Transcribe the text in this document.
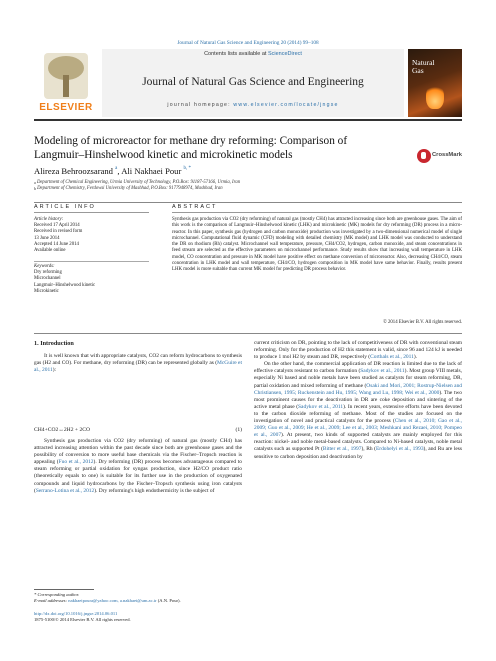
Journal of Natural Gas Science and Engineering 20 (2014) 99–108
ELSEVIER
Contents lists available at ScienceDirect
Journal of Natural Gas Science and Engineering
journal homepage: www.elsevier.com/locate/jngse
Natural
Gas
Modeling of microreactor for methane dry reforming: Comparison of
Langmuir–Hinshelwood kinetic and microkinetic models	CrossMark
Alireza Behroozsarand $^a$, Ali Nakhaei Pour $^{b, *}$
a Department of Chemical Engineering, Urmia University of Technology, P.O.Box: 91187-57166, Urmia, Iran
b Department of Chemistry, Ferdowsi University of Mashhad, P.O.Box: 9177948974, Mashhad, Iran
ARTICLE INFO	ABSTRACT
Article history:
Received 17 April 2014
Received in revised form
13 June 2014
Accepted 14 June 2014
Available online
Keywords:
Dry reforming
Microchannel
Langmuir–Hinshelwood kinetic
Microkinetic
Synthesis gas production via CO2 (dry reforming) of natural gas (mostly CH4) has attracted increasing since both are greenhouse gases. The aim of this work is the comparison of Langmuir–Hinshelwood kinetic (LHK) and microkinetic (MK) models for dry reforming (DR) process in a micro-reactor. In this paper, synthesis gas (hydrogen and carbon monoxide) production was investigated by a two-dimensional numerical model of single microchannel. Computational fluid dynamic (CFD) modeling with detailed chemistry (MK model) and LHK model was conducted to understand the DR on rhodium (Rh) catalyst. Microchannel wall temperature, pressure, CH4/CO2, hydrogen, carbon monoxide, and steam concentrations in feed stream are selected as the effective parameters on microchannel performance. Study results show that increasing wall temperature in LHK model, CO concentration and pressure in MK model have positive effect on methane conversion of microreactor. Also, decreasing CH4/CO, steam concentration in LHK model and wall temperature, CH4/CO, hydrogen composition in MK model have same behavior. Finally, results present LHK model is more suitable than current MK model for predicting DR process behavior.
© 2014 Elsevier B.V. All rights reserved.
1. Introduction

It is well known that with appropriate catalysts, CO2 can reform hydrocarbons to synthesis gas (H2 and CO). For methane, dry reforming (DR) can be represented globally as (McGuire et al., 2011):

CH4+CO2↔2H2 + 2CO	(1)

Synthesis gas production via CO2 (dry reforming) of natural gas (mostly CH4) has attracted increasing attention within the past decade since both are greenhouse gases and the possibility of conversion to more useful base chemicals via the Fischer–Tropsch reaction is appealing (Fuo et al., 2012). Dry reforming (DR) process becomes advantageous compared to steam reforming or partial oxidation for syngas production, since H2/CO product ratio (theoretically equals to one) is suitable for its further use in the production of oxygenated compounds and liquid hydrocarbons by the Fischer–Tropsch synthesis using iron catalysts (Serrano-Lotina et al., 2012). Dry reforming's high endothermicity is the subject of

current criticism on DR, pointing to the lack of competitiveness of DR with conventional steam reforming. Only for the production of H2 this statement is valid, since 96 and 124 kJ is needed to produce 1 mol H2 by steam and DR, respectively (Corthals et al., 2011).

On the other hand, the commercial application of DR reaction is limited due to the lack of effective catalysts resistant to carbon formation (Sadykov et al., 2011). Most group VIII metals, especially Ni based and noble metals have been studied as catalysts for steam reforming, DR, partial oxidation and mixed reforming of methane (Osaki and Mori, 2001; Rostrup-Nielsen and Christiansen, 1995; Ruckenstein and Hu, 1995; Wang and Lu, 1998; Wei et al., 2000). The two most prominent causes for the deactivation in DR are coke deposition and sintering of the active metal phase (Sadykov et al., 2011). In recent years, extensive efforts have been devoted to the carbon dioxide reforming of methane. Most of the studies are focused on the investigation of novel and practical catalysts for the process (Chen et al., 2010; Gao et al., 2009; Guo et al., 2009; He et al., 2009; Lee et al., 2003; Meshkani and Rezaei, 2010; Pompeo et al., 2007). At present, two kinds of supported catalysts are mainly employed for this reaction: nickel- and noble metal-based catalysts. Compared to Ni-based catalysts, noble metal catalysts such as supported Pt (Bitter et al., 1997), Rh (Erdohelyi et al., 1993), and Ru are less sensitive to carbon deposition and deactivation by

* Corresponding author.
E-mail addresses: nakhaeipoura@yahoo.com, a.nakhaei@um.ac.ir (A.N. Pour).
http://dx.doi.org/10.1016/j.jngse.2014.06.011
1875-5100/© 2014 Elsevier B.V. All rights reserved.
